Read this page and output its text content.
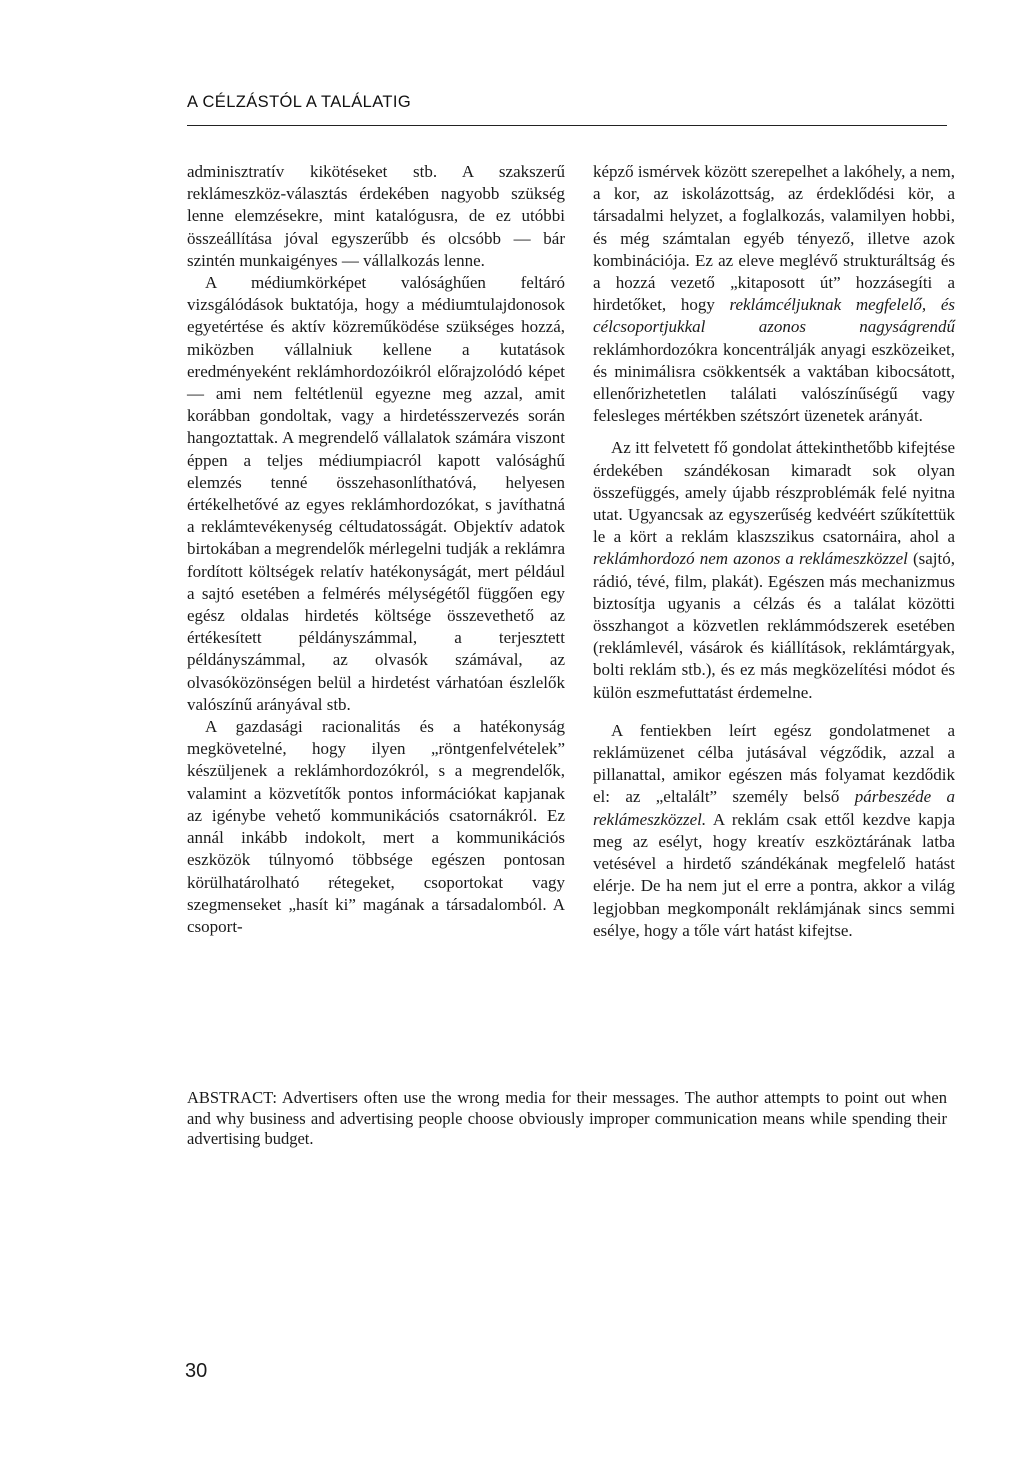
A CÉLZÁSTÓL A TALÁLATIG

adminisztratív kikötéseket stb. A szakszerű reklámeszköz-választás érdekében nagyobb szükség lenne elemzésekre, mint katalógusra, de ez utóbbi összeállítása jóval egyszerűbb és olcsóbb — bár szintén munkaigényes — vállalkozás lenne.

A médiumkörképet valósághűen feltáró vizsgálódások buktatója, hogy a médiumtulajdonosok egyetértése és aktív közreműködése szükséges hozzá, miközben vállalniuk kellene a kutatások eredményeként reklámhordozóikról előrajzolódó képet — ami nem feltétlenül egyezne meg azzal, amit korábban gondoltak, vagy a hirdetésszervezés során hangoztattak. A megrendelő vállalatok számára viszont éppen a teljes médiumpiacról kapott valósághű elemzés tenné összehasonlíthatóvá, helyesen értékelhetővé az egyes reklámhordozókat, s javíthatná a reklámtevékenység céltudatosságát. Objektív adatok birtokában a megrendelők mérlegelni tudják a reklámra fordított költségek relatív hatékonyságát, mert például a sajtó esetében a felmérés mélységétől függően egy egész oldalas hirdetés költsége összevethető az értékesített példányszámmal, a terjesztett példányszámmal, az olvasók számával, az olvasóközönségen belül a hirdetést várhatóan észlelők valószínű arányával stb.

A gazdasági racionalitás és a hatékonyság megkövetelné, hogy ilyen „röntgenfelvételek” készüljenek a reklámhordozókról, s a megrendelők, valamint a közvetítők pontos információkat kapjanak az igénybe vehető kommunikációs csatornákról. Ez annál inkább indokolt, mert a kommunikációs eszközök túlnyomó többsége egészen pontosan körülhatárolható rétegeket, csoportokat vagy szegmenseket „hasít ki” magának a társadalomból. A csoport-

képző ismérvek között szerepelhet a lakóhely, a nem, a kor, az iskolázottság, az érdeklődési kör, a társadalmi helyzet, a foglalkozás, valamilyen hobbi, és még számtalan egyéb tényező, illetve azok kombinációja. Ez az eleve meglévő strukturáltság és a hozzá vezető „kitaposott út” hozzásegíti a hirdetőket, hogy reklámcéljuknak megfelelő, és célcsoportjukkal azonos nagyságrendű reklámhordozókra koncentrálják anyagi eszközeiket, és minimálisra csökkentsék a vaktában kibocsátott, ellenőrizhetetlen találati valószínűségű vagy felesleges mértékben szétszórt üzenetek arányát.

Az itt felvetett fő gondolat áttekinthetőbb kifejtése érdekében szándékosan kimaradt sok olyan összefüggés, amely újabb részproblémák felé nyitna utat. Ugyancsak az egyszerűség kedvéért szűkítettük le a kört a reklám klaszszikus csatornáira, ahol a reklámhordozó nem azonos a reklámeszközzel (sajtó, rádió, tévé, film, plakát). Egészen más mechanizmus biztosítja ugyanis a célzás és a találat közötti összhangot a közvetlen reklámmódszerek esetében (reklámlevél, vásárok és kiállítások, reklámtárgyak, bolti reklám stb.), és ez más megközelítési módot és külön eszmefuttatást érdemelne.

A fentiekben leírt egész gondolatmenet a reklámüzenet célba jutásával végződik, azzal a pillanattal, amikor egészen más folyamat kezdődik el: az „eltalált” személy belső párbeszéde a reklámeszközzel. A reklám csak ettől kezdve kapja meg az esélyt, hogy kreatív eszköztárának latba vetésével a hirdető szándékának megfelelő hatást elérje. De ha nem jut el erre a pontra, akkor a világ legjobban megkomponált reklámjának sincs semmi esélye, hogy a tőle várt hatást kifejtse.

ABSTRACT: Advertisers often use the wrong media for their messages. The author attempts to point out when and why business and advertising people choose obviously improper communication means while spending their advertising budget.
30
